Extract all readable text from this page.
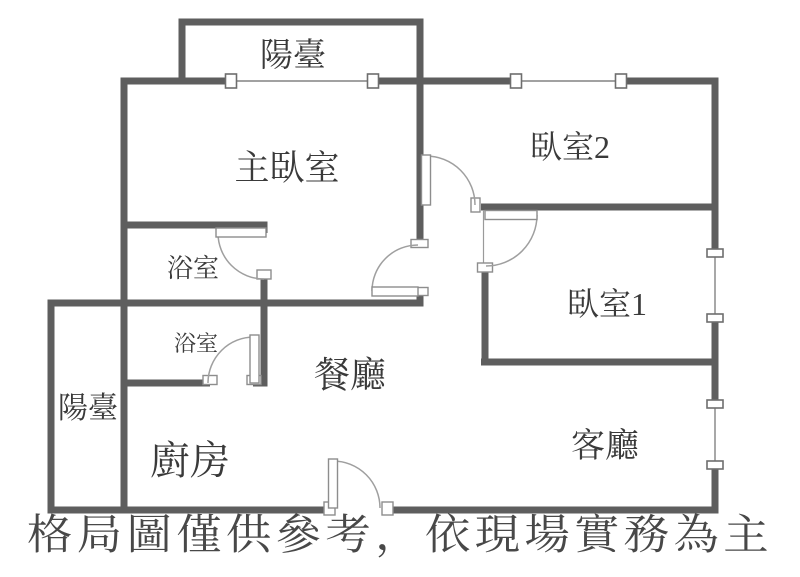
陽臺
主臥室
臥室2
臥室1
浴室
浴室
陽臺
餐廳
廚房	客廳
格局圖僅供參考，依現場實務為主
